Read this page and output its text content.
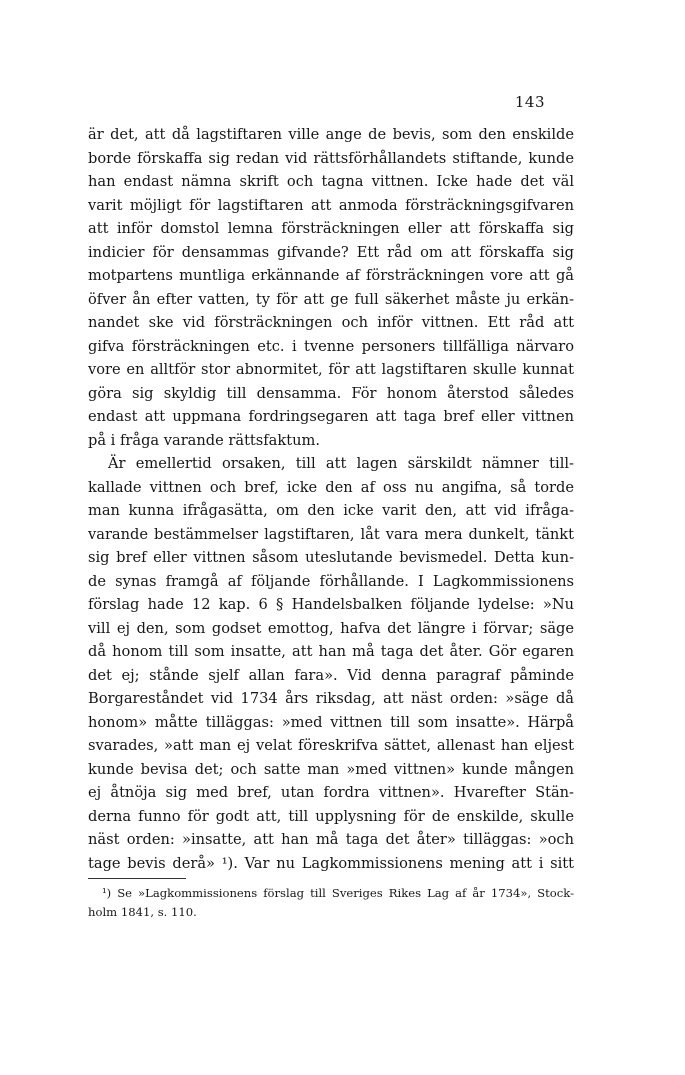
143

är det, att då lagstiftaren ville ange de bevis, som den enskilde
borde förskaffa sig redan vid rättsförhållandets stiftande, kunde
han endast nämna skrift och tagna vittnen. Icke hade det väl
varit möjligt för lagstiftaren att anmoda försträckningsgifvaren
att inför domstol lemna försträckningen eller att förskaffa sig
indicier för densammas gifvande? Ett råd om att förskaffa sig
motpartens muntliga erkännande af försträckningen vore att gå
öfver ån efter vatten, ty för att ge full säkerhet måste ju erkän-
nandet ske vid försträckningen och inför vittnen. Ett råd att
gifva försträckningen etc. i tvenne personers tillfälliga närvaro
vore en alltför stor abnormitet, för att lagstiftaren skulle kunnat
göra sig skyldig till densamma. För honom återstod således
endast att uppmana fordringsegaren att taga bref eller vittnen
på i fråga varande rättsfaktum.
Är emellertid orsaken, till att lagen särskildt nämner till-
kallade vittnen och bref, icke den af oss nu angifna, så torde
man kunna ifrågasätta, om den icke varit den, att vid ifråga-
varande bestämmelser lagstiftaren, låt vara mera dunkelt, tänkt
sig bref eller vittnen såsom uteslutande bevismedel. Detta kun-
de synas framgå af följande förhållande. I Lagkommissionens
förslag hade 12 kap. 6 § Handelsbalken följande lydelse: »Nu
vill ej den, som godset emottog, hafva det längre i förvar; säge
då honom till som insatte, att han må taga det åter. Gör egaren
det ej; stånde sjelf allan fara». Vid denna paragraf påminde
Borgareståndet vid 1734 års riksdag, att näst orden: »säge då
honom» måtte tilläggas: »med vittnen till som insatte». Härpå
svarades, »att man ej velat föreskrifva sättet, allenast han eljest
kunde bevisa det; och satte man »med vittnen» kunde mången
ej åtnöja sig med bref, utan fordra vittnen». Hvarefter Stän-
derna funno för godt att, till upplysning för de enskilde, skulle
näst orden: »insatte, att han må taga det åter» tilläggas: »och
tage bevis derå» ¹). Var nu Lagkommissionens mening att i sitt
¹) Se »Lagkommissionens förslag till Sveriges Rikes Lag af år 1734», Stock-
holm 1841, s. 110.
